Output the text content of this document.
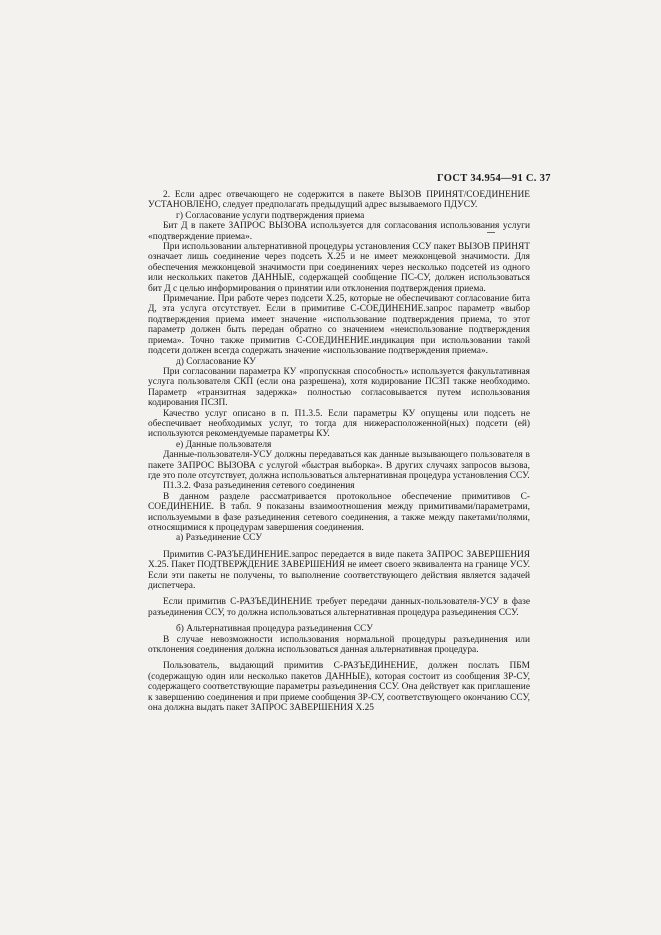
ГОСТ 34.954—91 С. 37

2. Если адрес отвечающего не содержится в пакете ВЫЗОВ ПРИНЯТ/СОЕДИНЕНИЕ УСТАНОВЛЕНО, следует предполагать предыдущий адрес вызываемого ПДУСУ.

г) Согласование услуги подтверждения приема

Бит Д в пакете ЗАПРОС ВЫЗОВА используется для согласования использования услуги «подтверждение приема».

При использовании альтернативной процедуры установления ССУ пакет ВЫЗОВ ПРИНЯТ означает лишь соединение через подсеть Х.25 и не имеет межконцевой значимости. Для обеспечения межконцевой значимости при соединениях через несколько подсетей из одного или нескольких пакетов ДАННЫЕ, содержащей сообщение ПС-СУ, должен использоваться бит Д с целью информирования о принятии или отклонения подтверждения приема.

Примечание. При работе через подсети Х.25, которые не обеспечивают согласование бита Д, эта услуга отсутствует. Если в примитиве С-СОЕДИНЕНИЕ.запрос параметр «выбор подтверждения приема имеет значение «использование подтверждения приема, то этот параметр должен быть передан обратно со значением «неиспользование подтверждения приема». Точно также примитив С-СОЕДИНЕНИЕ.индикация при использовании такой подсети должен всегда содержать значение «использование подтверждения приема».

д) Согласование КУ

При согласовании параметра КУ «пропускная способность» используется факультативная услуга пользователя СКП (если она разрешена), хотя кодирование ПСЗП также необходимо. Параметр «транзитная задержка» полностью согласовывается путем использования кодирования ПСЗП.

Качество услуг описано в п. П1.3.5. Если параметры КУ опущены или подсеть не обеспечивает необходимых услуг, то тогда для нижерасположенной(ных) подсети (ей) используются рекомендуемые параметры КУ.

е) Данные пользователя

Данные-пользователя-УСУ должны передаваться как данные вызывающего пользователя в пакете ЗАПРОС ВЫЗОВА с услугой «быстрая выборка». В других случаях запросов вызова, где это поле отсутствует, должна использоваться альтернативная процедура установления ССУ.

П1.3.2. Фаза разъединения сетевого соединения

В данном разделе рассматривается протокольное обеспечение примитивов С-СОЕДИНЕНИЕ. В табл. 9 показаны взаимоотношения между примитивами/параметрами, используемыми в фазе разъединения сетевого соединения, а также между пакетами/полями, относящимися к процедурам завершения соединения.

а) Разъединение ССУ

Примитив С-РАЗЪЕДИНЕНИЕ.запрос передается в виде пакета ЗАПРОС ЗАВЕРШЕНИЯ Х.25. Пакет ПОДТВЕРЖДЕНИЕ ЗАВЕРШЕНИЯ не имеет своего эквивалента на границе УСУ. Если эти пакеты не получены, то выполнение соответствующего действия является задачей диспетчера.

Если примитив С-РАЗЪЕДИНЕНИЕ требует передачи данных-пользователя-УСУ в фазе разъединения ССУ, то должна использоваться альтернативная процедура разъединения ССУ.

б) Альтернативная процедура разъединения ССУ

В случае невозможности использования нормальной процедуры разъединения или отклонения соединения должна использоваться данная альтернативная процедура.

Пользователь, выдающий примитив С-РАЗЪЕДИНЕНИЕ, должен послать ПБМ (содержащую один или несколько пакетов ДАННЫЕ), которая состоит из сообщения ЗР-СУ, содержащего соответствующие параметры разъединения ССУ. Она действует как приглашение к завершению соединения и при приеме сообщения ЗР-СУ, соответствующего окончанию ССУ, она должна выдать пакет ЗАПРОС ЗАВЕРШЕНИЯ Х.25
